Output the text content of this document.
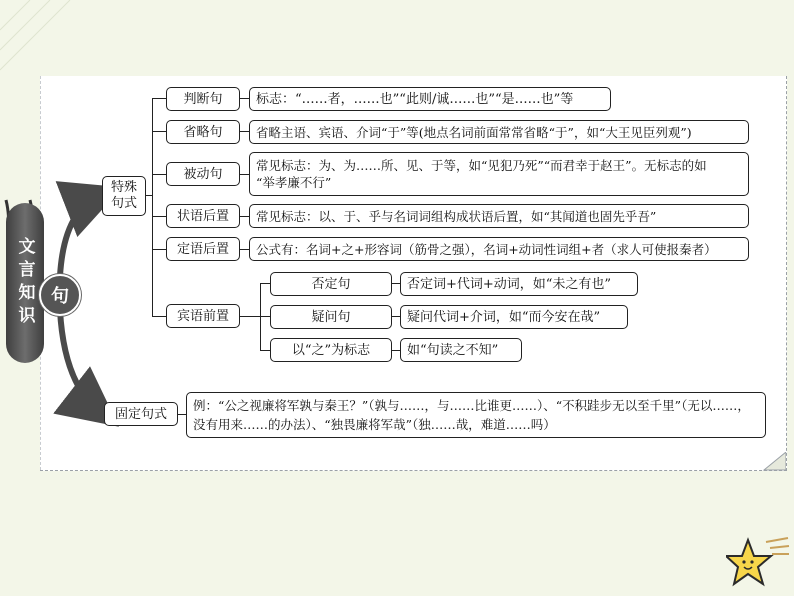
文言知识 句
特殊句式
固定句式
判断句
省略句
被动句
状语后置
定语后置
宾语前置
标志：“……者，……也”“此则/诚……也”“是……也”等
省略主语、宾语、介词“于”等(地点名词前面常常省略“于”，如“大王见臣列观”)
常见标志：为、为……所、见、于等，如“见犯乃死”“而君幸于赵王”。无标志的如
“举孝廉不行”
常见标志：以、于、乎与名词词组构成状语后置，如“其闻道也固先乎吾”
公式有：名词+之+形容词（筋骨之强），名词+动词性词组+者（求人可使报秦者）
否定句
疑问句
以“之”为标志
否定词+代词+动词，如“未之有也”
疑问代词+介词，如“而今安在哉”
如“句读之不知”
例：“公之视廉将军孰与秦王？”（孰与……，与……比谁更……）、“不积跬步无以至千里”（无以……，
没有用来……的办法）、“独畏廉将军哉”（独……哉，难道……吗）
